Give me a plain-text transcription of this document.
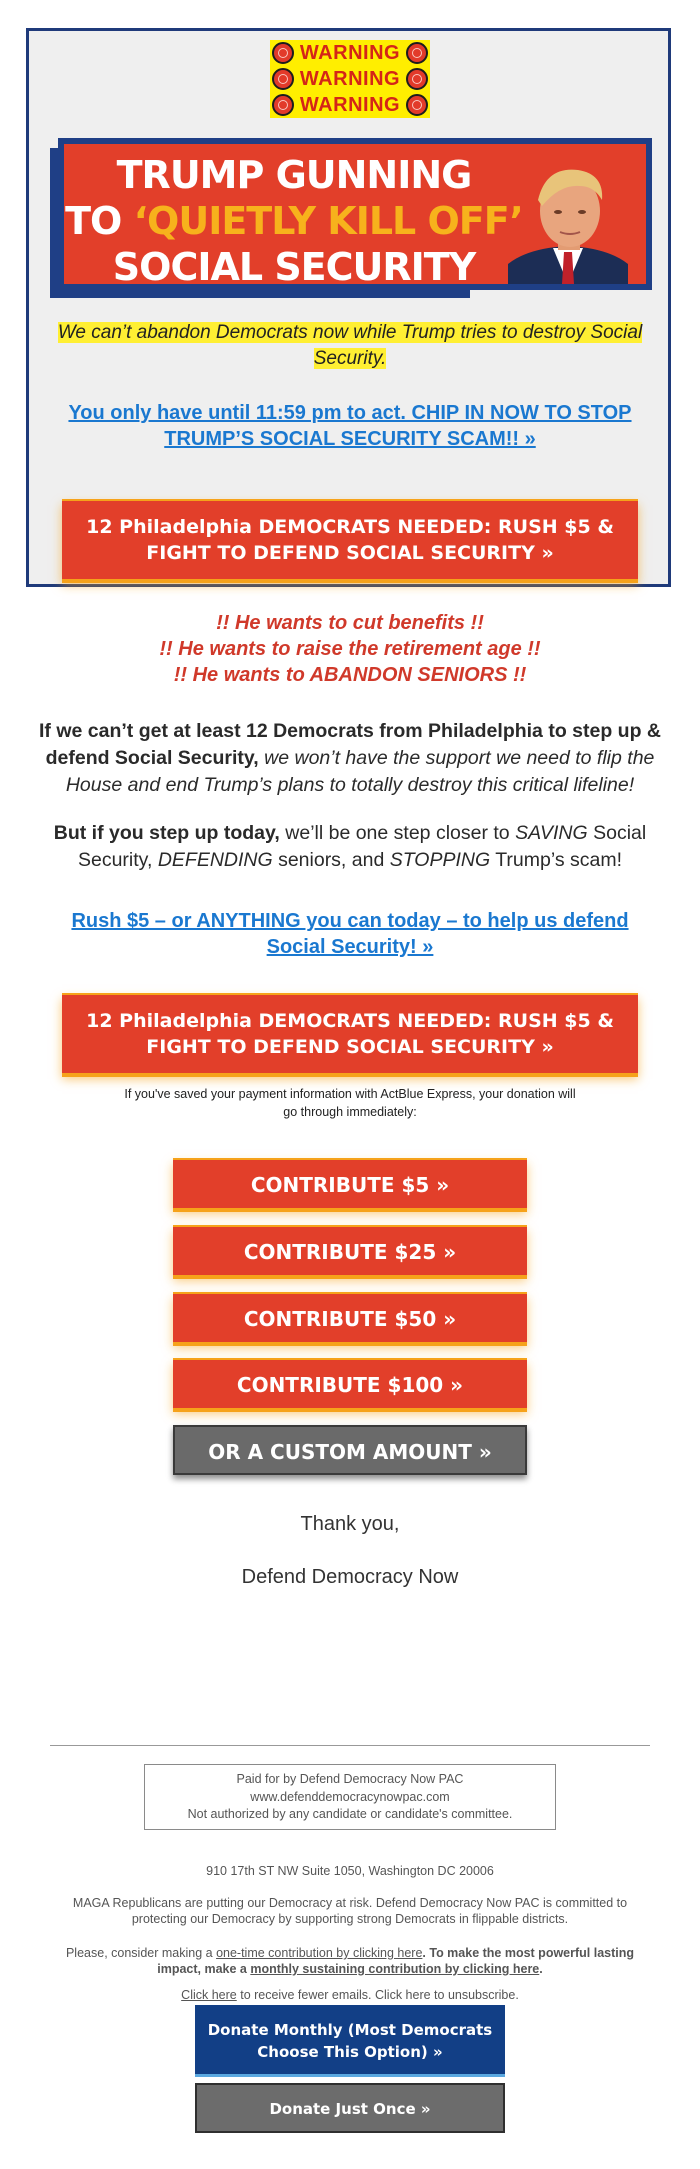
WARNING
WARNING
WARNING
TRUMP GUNNING
TO ‘QUIETLY KILL OFF’
SOCIAL SECURITY
We can’t abandon Democrats now while Trump tries to destroy Social Security.
You only have until 11:59 pm to act. CHIP IN NOW TO STOP TRUMP’S SOCIAL SECURITY SCAM!! »
12 Philadelphia DEMOCRATS NEEDED: RUSH $5 & FIGHT TO DEFEND SOCIAL SECURITY »
!! He wants to cut benefits !!
!! He wants to raise the retirement age !!
!! He wants to ABANDON SENIORS !!
If we can’t get at least 12 Democrats from Philadelphia to step up & defend Social Security, we won’t have the support we need to flip the House and end Trump’s plans to totally destroy this critical lifeline!
But if you step up today, we’ll be one step closer to SAVING Social Security, DEFENDING seniors, and STOPPING Trump’s scam!
Rush $5 – or ANYTHING you can today – to help us defend Social Security! »
12 Philadelphia DEMOCRATS NEEDED: RUSH $5 & FIGHT TO DEFEND SOCIAL SECURITY »
If you've saved your payment information with ActBlue Express, your donation will go through immediately:
CONTRIBUTE $5 »
CONTRIBUTE $25 »
CONTRIBUTE $50 »
CONTRIBUTE $100 »
OR A CUSTOM AMOUNT »
Thank you,
Defend Democracy Now
Paid for by Defend Democracy Now PAC
www.defenddemocracynowpac.com
Not authorized by any candidate or candidate's committee.
910 17th ST NW Suite 1050, Washington DC 20006
MAGA Republicans are putting our Democracy at risk. Defend Democracy Now PAC is committed to protecting our Democracy by supporting strong Democrats in flippable districts.
Please, consider making a one-time contribution by clicking here. To make the most powerful lasting impact, make a monthly sustaining contribution by clicking here.
Click here to receive fewer emails. Click here to unsubscribe.
Donate Monthly (Most Democrats Choose This Option) »
Donate Just Once »
